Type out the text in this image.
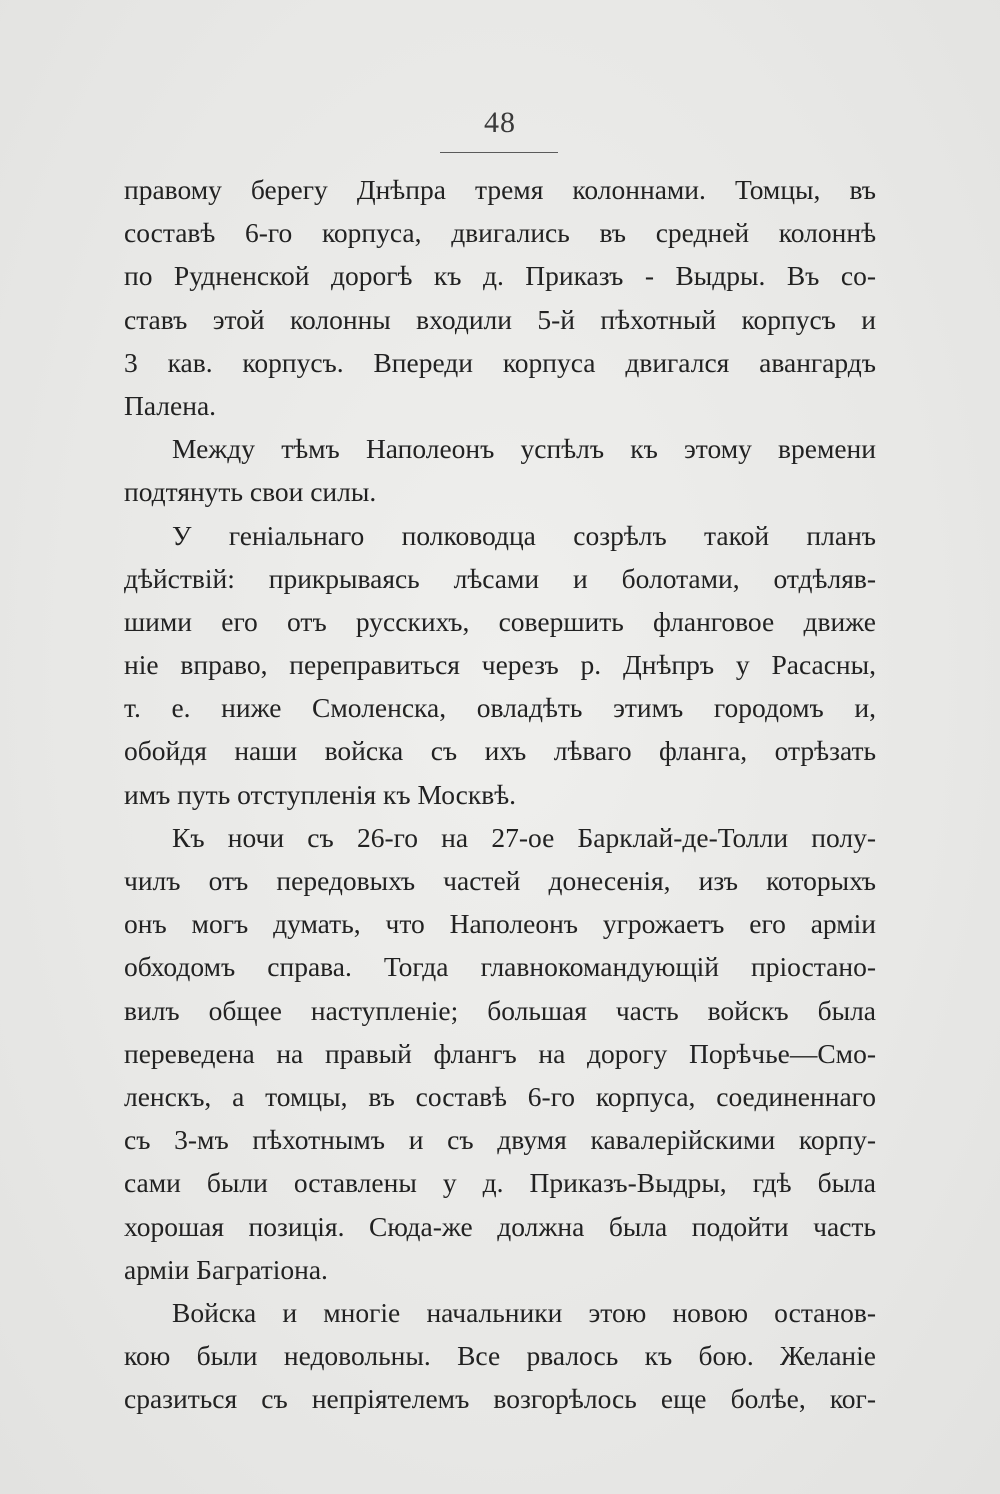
48
правому берегу Днѣпра тремя колоннами. Томцы, въ
составѣ 6-го корпуса, двигались въ средней колоннѣ
по Рудненской дорогѣ къ д. Приказъ - Выдры. Въ со-
ставъ этой колонны входили 5-й пѣхотный корпусъ и
3 кав. корпусъ. Впереди корпуса двигался авангардъ
Палена.
Между тѣмъ Наполеонъ успѣлъ къ этому времени
подтянуть свои силы.
У геніальнаго полководца созрѣлъ такой планъ
дѣйствій: прикрываясь лѣсами и болотами, отдѣляв-
шими его отъ русскихъ, совершить фланговое движе
ніе вправо, переправиться черезъ р. Днѣпръ у Расасны,
т. е. ниже Смоленска, овладѣть этимъ городомъ и,
обойдя наши войска съ ихъ лѣваго фланга, отрѣзать
имъ путь отступленія къ Москвѣ.
Къ ночи съ 26-го на 27-ое Барклай-де-Толли полу-
чилъ отъ передовыхъ частей донесенія, изъ которыхъ
онъ могъ думать, что Наполеонъ угрожаетъ его арміи
обходомъ справа. Тогда главнокомандующій пріостано-
вилъ общее наступленіе; большая часть войскъ была
переведена на правый флангъ на дорогу Порѣчье—Смо-
ленскъ, а томцы, въ составѣ 6-го корпуса, соединеннаго
съ 3-мъ пѣхотнымъ и съ двумя кавалерійскими корпу-
сами были оставлены у д. Приказъ-Выдры, гдѣ была
хорошая позиція. Сюда-же должна была подойти часть
арміи Багратіона.
Войска и многіе начальники этою новою останов-
кою были недовольны. Все рвалось къ бою. Желаніе
сразиться съ непріятелемъ возгорѣлось еще болѣе, ког-
